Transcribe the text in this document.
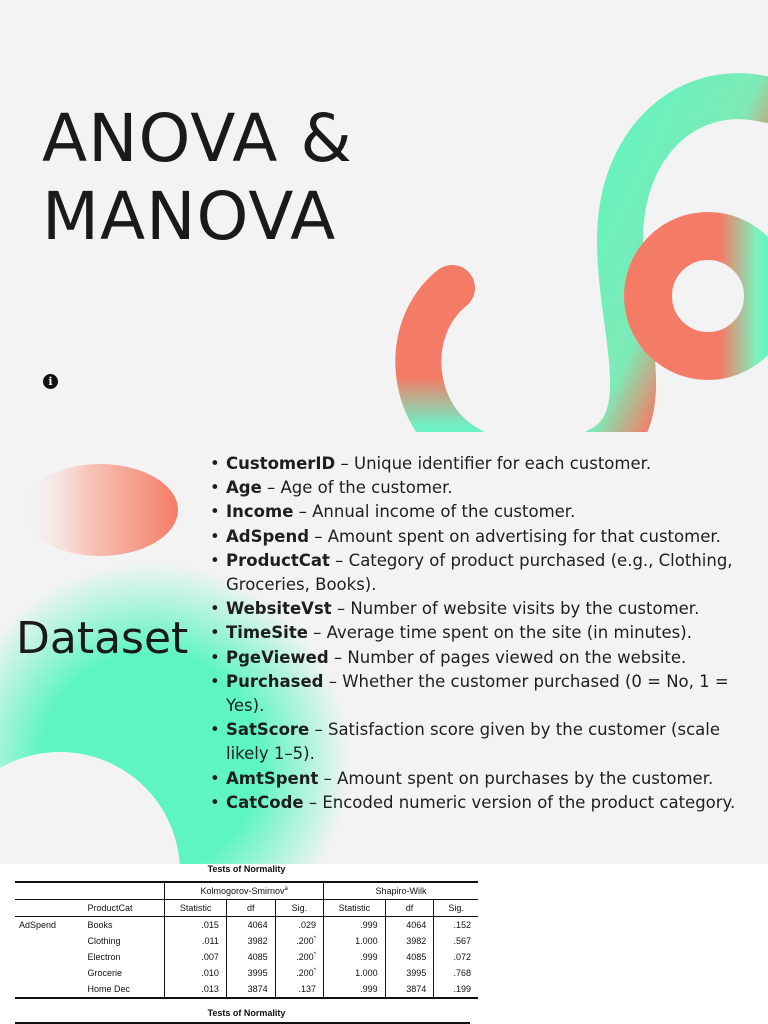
ANOVA &
MANOVA
i
Dataset
• CustomerID – Unique identifier for each customer.
• Age – Age of the customer.
• Income – Annual income of the customer.
• AdSpend – Amount spent on advertising for that customer.
• ProductCat – Category of product purchased (e.g., Clothing, Groceries, Books).
• WebsiteVst – Number of website visits by the customer.
• TimeSite – Average time spent on the site (in minutes).
• PgeViewed – Number of pages viewed on the website.
• Purchased – Whether the customer purchased (0 = No, 1 = Yes).
• SatScore – Satisfaction score given by the customer (scale likely 1–5).
• AmtSpent – Amount spent on purchases by the customer.
• CatCode – Encoded numeric version of the product category.
Tests of Normality
		Kolmogorov-Smirnov$^a$			Shapiro-Wilk		
	ProductCat	Statistic	df	Sig.	Statistic	df	Sig.
AdSpend	Books	.015	4064	.029	.999	4064	.152
	Clothing	.011	3982	.200*	1.000	3982	.567
	Electron	.007	4085	.200*	.999	4085	.072
	Grocerie	.010	3995	.200*	1.000	3995	.768
	Home Dec	.013	3874	.137	.999	3874	.199
Tests of Normality
